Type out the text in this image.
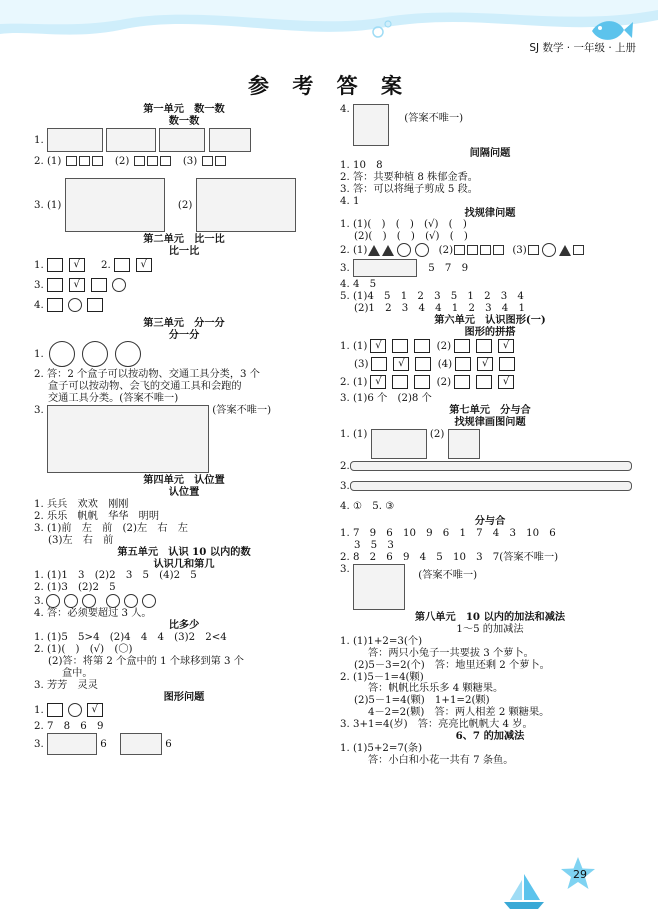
SJ 数学 · 一年级 · 上册
参 考 答 案
第一单元　数一数
数一数
1.
2. (1)	(2)	(3)
3. (1)	(2)
第二单元　比一比
比一比
1.	√ 2.	√
3.	√
4.
第三单元　分一分
分一分
1.
2. 答：2 个盒子可以按动物、交通工具分类，3 个
盒子可以按动物、会飞的交通工具和会跑的
交通工具分类。(答案不唯一)
3.	(答案不唯一)
第四单元　认位置
认位置
1. 兵兵　欢欢　刚刚
2. 乐乐　帆帆　华华　明明
3. (1)前　左　前　(2)左　右　左
(3)左　右　前
第五单元　认识 10 以内的数
认识几和第几
1. (1)1　3　(2)2　3　5　(4)2　5
2. (1)3　(2)2　5
3.
4. 答：必须要超过 3 人。
比多少
1. (1)5　5>4　(2)4　4　4　(3)2　2<4
2. (1)(　)　(√)　(〇)
(2)答：将第 2 个盒中的 1 个球移到第 3 个
盒中。
3. 芳芳　灵灵
图形问题
1.	√
2. 7　8　6　9
3.	6	6
4.  (答案不唯一)
间隔问题
1. 10　8
2. 答：共要种植 8 株郁金香。
3. 答：可以将绳子剪成 5 段。
4. 1
找规律问题
1. (1)(　)　(　)　(√)　(　)
(2)(　)　(　)　(√)　(　)
2. (1)	(2)	(3)
3.	5　7　9
4. 4　5
5. (1)4　5　1　2　3　5　1　2　3　4
(2)1　2　3　4　4　1　2　3　4　1
第六单元　认识图形(一)
图形的拼搭
1. (1) √	(2)	√
(3)	√	(4)	√
2. (1) √	(2)	√
3. (1)6 个　(2)8 个
第七单元　分与合
找规律画图问题
1. (1)	(2)
2.
3.
4. ①　5. ③
分与合
1. 7　9　6　10　9　6　1　7　4　3　10　6
3　5　3
2. 8　2　6　9　4　5　10　3　7(答案不唯一)
3.  (答案不唯一)
第八单元　10 以内的加法和减法
1～5 的加减法
1. (1)1+2=3(个)
答：两只小兔子一共要拔 3 个萝卜。
(2)5－3=2(个)　答：地里还剩 2 个萝卜。
2. (1)5－1=4(颗)
答：帆帆比乐乐多 4 颗糖果。
(2)5－1=4(颗)　1+1=2(颗)
4－2=2(颗)　答：两人相差 2 颗糖果。
3. 3+1=4(岁)　答：亮亮比帆帆大 4 岁。
6、7 的加减法
1. (1)5+2=7(条)
答：小白和小花一共有 7 条鱼。
29
